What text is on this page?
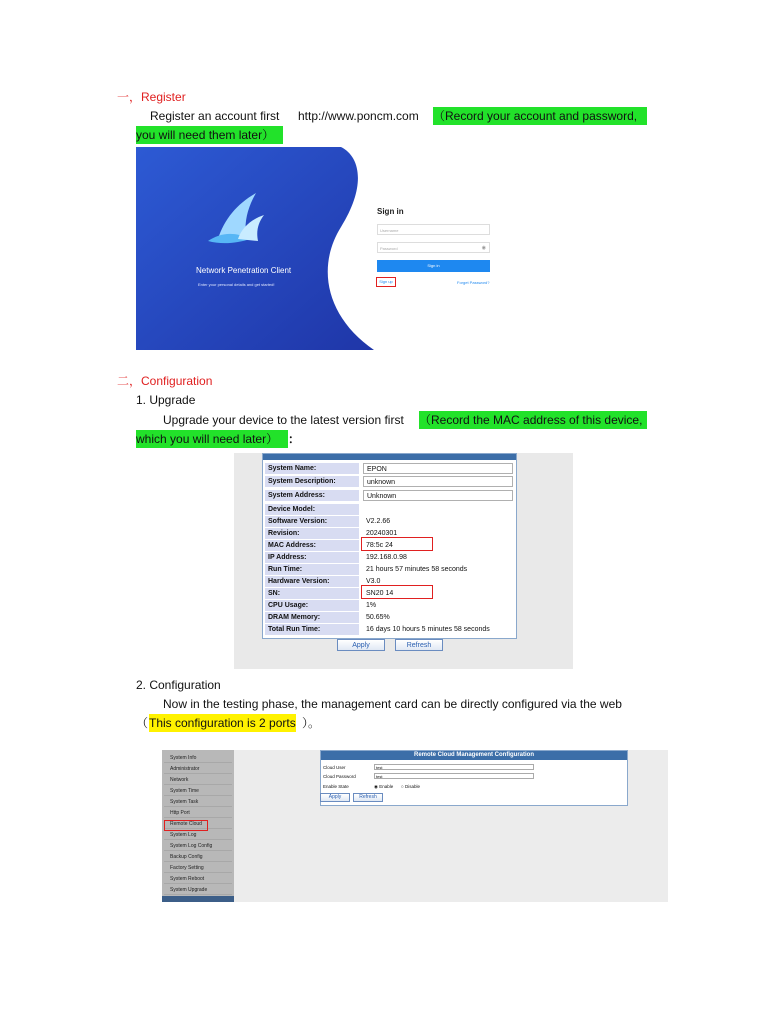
一，Register
Register an account first http://www.poncm.com （Record your account and password,
you will need them later）
Network Penetration Client
Enter your personal details and get started!
Sign in
Username
Password	◉
Sign in
Sign up	Forget Password?
二，Configuration
1. Upgrade
Upgrade your device to the latest version first （Record the MAC address of this device,
which you will need later） ：
System Name:	EPON
System Description:	unknown
System Address:	Unknown
Device Model:
Software Version:	V2.2.66
Revision:	20240301
MAC Address:	78:5c 24
IP Address:	192.168.0.98
Run Time:	21 hours 57 minutes 58 seconds
Hardware Version:	V3.0
SN:	SN20 14
CPU Usage:	1%
DRAM Memory:	50.65%
Total Run Time:	16 days 10 hours 5 minutes 58 seconds
Apply	Refresh
2. Configuration
Now in the testing phase, the management card can be directly configured via the web
（ This configuration is 2 ports ）。
System Info
Administrator
Network
System Time
System Task
Http Port
Remote Cloud
System Log
System Log Config
Backup Config
Factory Setting
System Reboot
System Upgrade
Remote Cloud Management Configuration
Cloud User	test
Cloud Password	test
Enable State	◉ Enable ○ Disable
Apply	Refresh
